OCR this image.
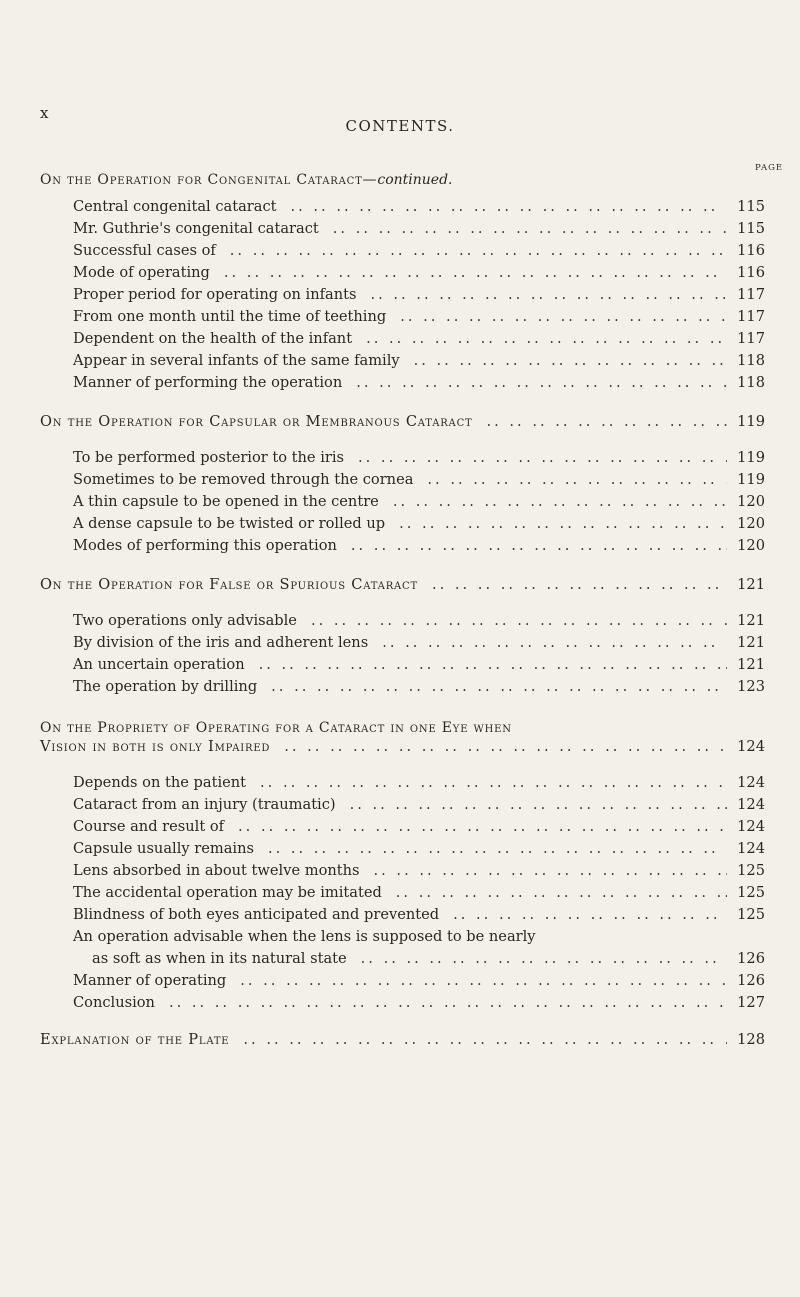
x
CONTENTS.
PAGE
On the Operation for Congenital Cataract—continued.
Central congenital cataract .. ..	115
Mr. Guthrie's congenital cataract .. ..	115
Successful cases of .. ..	116
Mode of operating .. ..	116
Proper period for operating on infants .. ..	117
From one month until the time of teething .. ..	117
Dependent on the health of the infant .. ..	117
Appear in several infants of the same family .. ..	118
Manner of performing the operation .. ..	118
On the Operation for Capsular or Membranous Cataract .. ..	119
To be performed posterior to the iris .. ..	119
Sometimes to be removed through the cornea .. ..	119
A thin capsule to be opened in the centre .. ..	120
A dense capsule to be twisted or rolled up .. ..	120
Modes of performing this operation .. ..	120
On the Operation for False or Spurious Cataract .. ..	121
Two operations only advisable .. ..	121
By division of the iris and adherent lens .. ..	121
An uncertain operation .. ..	121
The operation by drilling .. ..	123
On the Propriety of Operating for a Cataract in one Eye when
Vision in both is only Impaired .. ..	124
Depends on the patient .. ..	124
Cataract from an injury (traumatic) .. ..	124
Course and result of .. ..	124
Capsule usually remains .. ..	124
Lens absorbed in about twelve months .. ..	125
The accidental operation may be imitated .. ..	125
Blindness of both eyes anticipated and prevented .. ..	125
An operation advisable when the lens is supposed to be nearly
as soft as when in its natural state .. ..	126
Manner of operating .. ..	126
Conclusion .. ..	127
Explanation of the Plate .. ..	128
